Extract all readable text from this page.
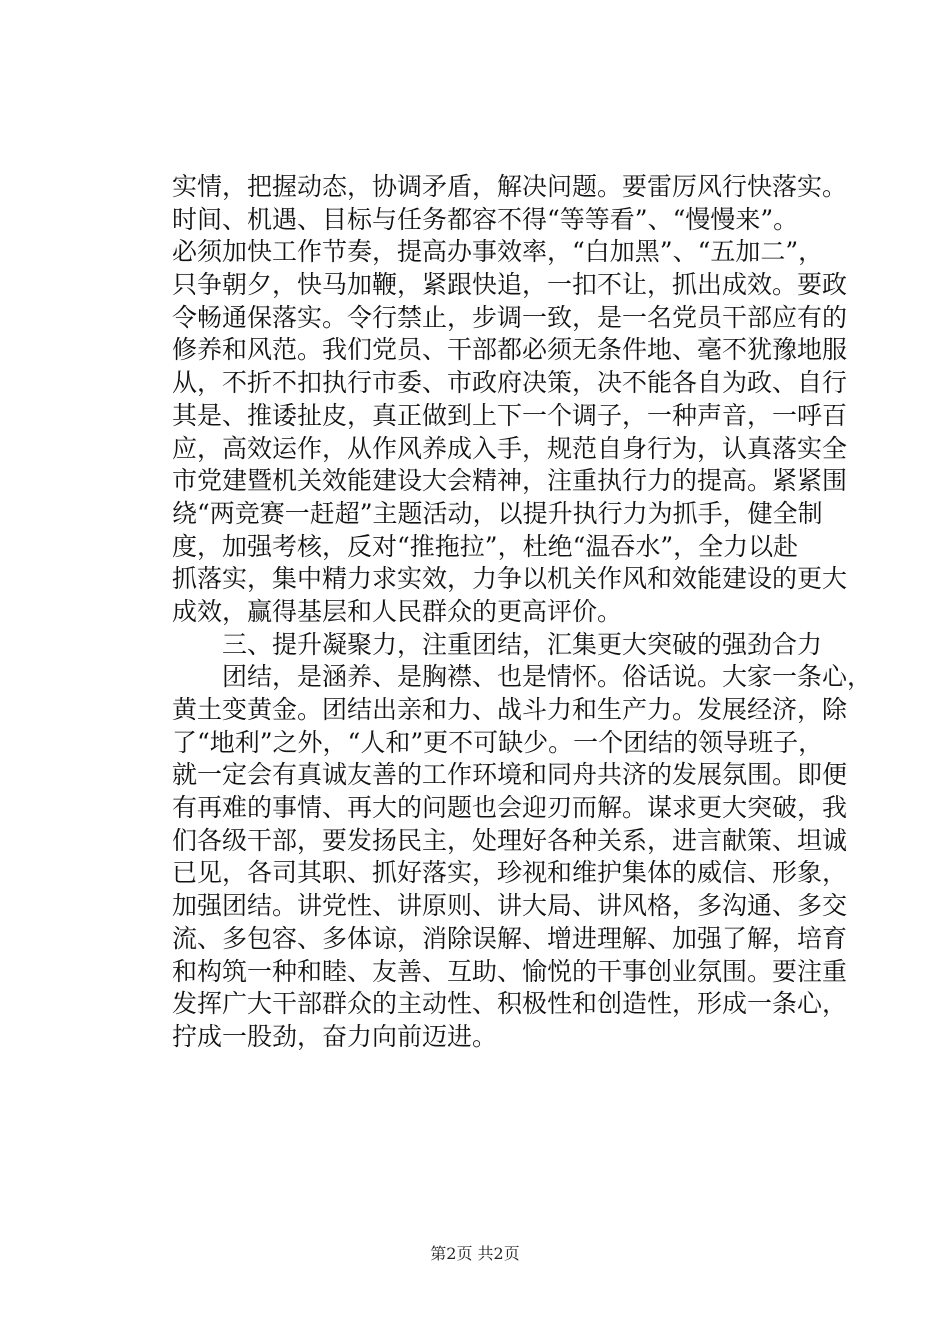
实情，把握动态，协调矛盾，解决问题。要雷厉风行快落实。
时间、机遇、目标与任务都容不得“等等看”、“慢慢来”。
必须加快工作节奏，提高办事效率，“白加黑”、“五加二”，
只争朝夕，快马加鞭，紧跟快追，一扣不让，抓出成效。要政
令畅通保落实。令行禁止，步调一致，是一名党员干部应有的
修养和风范。我们党员、干部都必须无条件地、毫不犹豫地服
从，不折不扣执行市委、市政府决策，决不能各自为政、自行
其是、推诿扯皮，真正做到上下一个调子，一种声音，一呼百
应，高效运作，从作风养成入手，规范自身行为，认真落实全
市党建暨机关效能建设大会精神，注重执行力的提高。紧紧围
绕“两竞赛一赶超”主题活动，以提升执行力为抓手，健全制
度，加强考核，反对“推拖拉”，杜绝“温吞水”，全力以赴
抓落实，集中精力求实效，力争以机关作风和效能建设的更大
成效，赢得基层和人民群众的更高评价。
　　三、提升凝聚力，注重团结，汇集更大突破的强劲合力
　　团结，是涵养、是胸襟、也是情怀。俗话说。大家一条心，
黄土变黄金。团结出亲和力、战斗力和生产力。发展经济，除
了“地利”之外，“人和”更不可缺少。一个团结的领导班子，
就一定会有真诚友善的工作环境和同舟共济的发展氛围。即便
有再难的事情、再大的问题也会迎刃而解。谋求更大突破，我
们各级干部，要发扬民主，处理好各种关系，进言献策、坦诚
已见，各司其职、抓好落实，珍视和维护集体的威信、形象，
加强团结。讲党性、讲原则、讲大局、讲风格，多沟通、多交
流、多包容、多体谅，消除误解、增进理解、加强了解，培育
和构筑一种和睦、友善、互助、愉悦的干事创业氛围。要注重
发挥广大干部群众的主动性、积极性和创造性，形成一条心，
拧成一股劲，奋力向前迈进。
第2页 共2页
